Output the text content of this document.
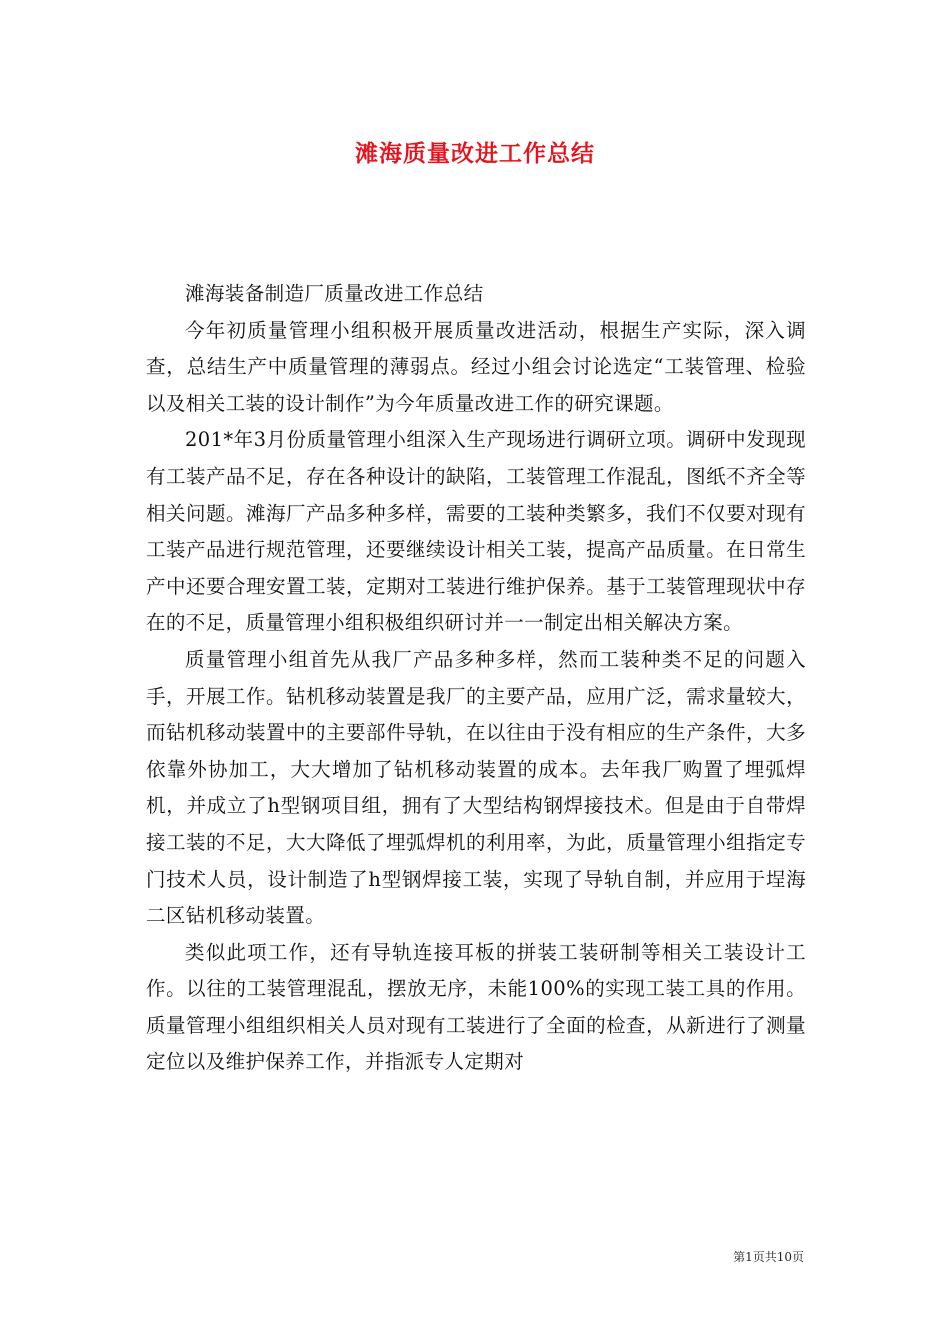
滩海质量改进工作总结

滩海装备制造厂质量改进工作总结

今年初质量管理小组积极开展质量改进活动，根据生产实际，深入调查，总结生产中质量管理的薄弱点。经过小组会讨论选定“工装管理、检验以及相关工装的设计制作”为今年质量改进工作的研究课题。

201*年3月份质量管理小组深入生产现场进行调研立项。调研中发现现有工装产品不足，存在各种设计的缺陷，工装管理工作混乱，图纸不齐全等相关问题。滩海厂产品多种多样，需要的工装种类繁多，我们不仅要对现有工装产品进行规范管理，还要继续设计相关工装，提高产品质量。在日常生产中还要合理安置工装，定期对工装进行维护保养。基于工装管理现状中存在的不足，质量管理小组积极组织研讨并一一制定出相关解决方案。

质量管理小组首先从我厂产品多种多样，然而工装种类不足的问题入手，开展工作。钻机移动装置是我厂的主要产品，应用广泛，需求量较大，而钻机移动装置中的主要部件导轨，在以往由于没有相应的生产条件，大多依靠外协加工，大大增加了钻机移动装置的成本。去年我厂购置了埋弧焊机，并成立了h型钢项目组，拥有了大型结构钢焊接技术。但是由于自带焊接工装的不足，大大降低了埋弧焊机的利用率，为此，质量管理小组指定专门技术人员，设计制造了h型钢焊接工装，实现了导轨自制，并应用于埕海二区钻机移动装置。

类似此项工作，还有导轨连接耳板的拼装工装研制等相关工装设计工作。以往的工装管理混乱，摆放无序，未能100%的实现工装工具的作用。质量管理小组组织相关人员对现有工装进行了全面的检查，从新进行了测量定位以及维护保养工作，并指派专人定期对

第1页共10页
